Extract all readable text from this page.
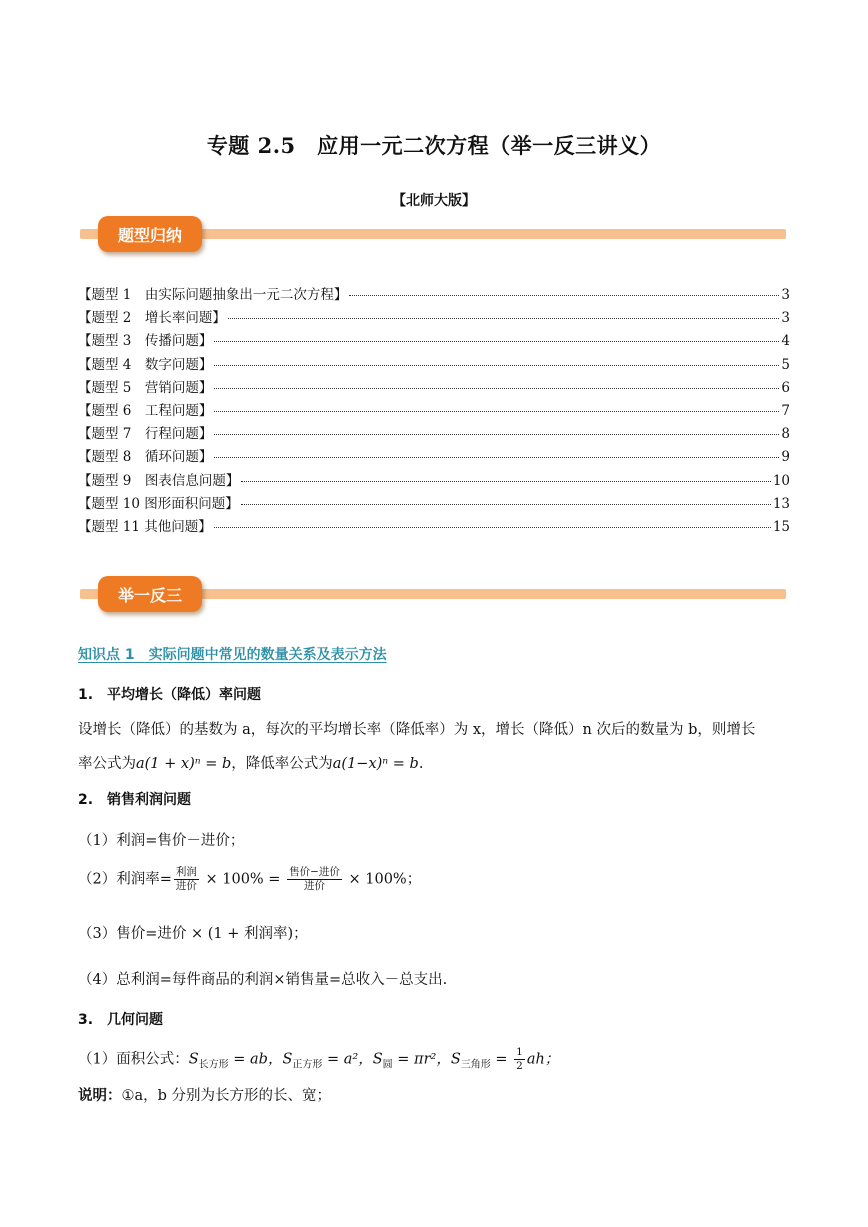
专题 2.5　应用一元二次方程（举一反三讲义）
【北师大版】
题型归纳
【题型 1　由实际问题抽象出一元二次方程】	3
【题型 2　增长率问题】	3
【题型 3　传播问题】	4
【题型 4　数字问题】	5
【题型 5　营销问题】	6
【题型 6　工程问题】	7
【题型 7　行程问题】	8
【题型 8　循环问题】	9
【题型 9　图表信息问题】	10
【题型 10 图形面积问题】	13
【题型 11 其他问题】	15
举一反三
知识点 1　实际问题中常见的数量关系及表示方法
1.　平均增长（降低）率问题
设增长（降低）的基数为 a，每次的平均增长率（降低率）为 x，增长（降低）n 次后的数量为 b，则增长
率公式为a(1 + x)ⁿ = b，降低率公式为a(1−x)ⁿ = b.
2.　销售利润问题
（1）利润=售价－进价；
（2）利润率= $\frac{\text{利润}}{\text{进价}} \times 100\% = \frac{\text{售价−进价}}{\text{进价}} \times 100\%$；
（3）售价=进价 × (1 + 利润率)；
（4）总利润=每件商品的利润×销售量=总收入－总支出.
3.　几何问题
（1）面积公式：$S_{长方形}$ = ab，$S_{正方形} = a^2$，$S_圆 = \pi r^2$，$S_{三角形} = \frac{1}{2}$ ah；
说明：①a，b 分别为长方形的长、宽；
